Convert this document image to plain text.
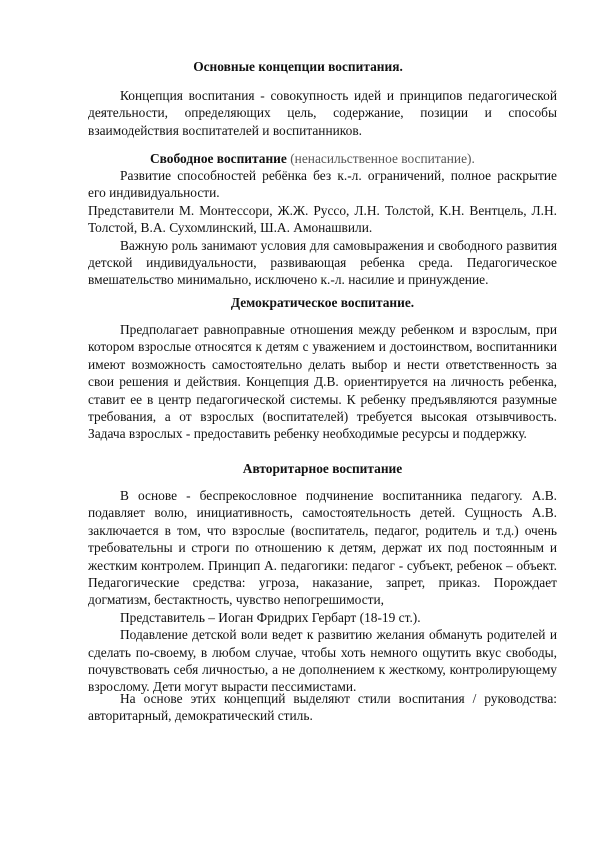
Основные концепции воспитания.

Концепция воспитания - совокупность идей и принципов педагогической деятельности, определяющих цель, содержание, позиции и способы взаимодействия воспитателей и воспитанников.

Свободное воспитание (ненасильственное воспитание).

Развитие способностей ребёнка без к.-л. ограничений, полное раскрытие его индивидуальности.

Представители М. Монтессори, Ж.Ж. Руссо, Л.Н. Толстой, К.Н. Вентцель, Л.Н. Толстой, В.А. Сухомлинский, Ш.А. Амонашвили.

Важную роль занимают условия для самовыражения и свободного развития детской индивидуальности, развивающая ребенка среда. Педагогическое вмешательство минимально, исключено к.-л. насилие и принуждение.

Демократическое воспитание.

Предполагает равноправные отношения между ребенком и взрослым, при котором взрослые относятся к детям с уважением и достоинством, воспитанники имеют возможность самостоятельно делать выбор и нести ответственность за свои решения и действия. Концепция Д.В. ориентируется на личность ребенка, ставит ее в центр педагогической системы. К ребенку предъявляются разумные требования, а от взрослых (воспитателей) требуется высокая отзывчивость. Задача взрослых - предоставить ребенку необходимые ресурсы и поддержку.

Авторитарное воспитание

В основе - беспрекословное подчинение воспитанника педагогу. А.В. подавляет волю, инициативность, самостоятельность детей. Сущность А.В. заключается в том, что взрослые (воспитатель, педагог, родитель и т.д.) очень требовательны и строги по отношению к детям, держат их под постоянным и жестким контролем. Принцип А. педагогики: педагог - субъект, ребенок – объект. Педагогические средства: угроза, наказание, запрет, приказ. Порождает догматизм, бестактность, чувство непогрешимости,

Представитель – Иоган Фридрих Гербарт (18-19 ст.).

Подавление детской воли ведет к развитию желания обмануть родителей и сделать по-своему, в любом случае, чтобы хоть немного ощутить вкус свободы, почувствовать себя личностью, а не дополнением к жесткому, контролирующему взрослому. Дети могут вырасти пессимистами.

На основе этих концепций выделяют стили воспитания / руководства: авторитарный, демократический стиль.
